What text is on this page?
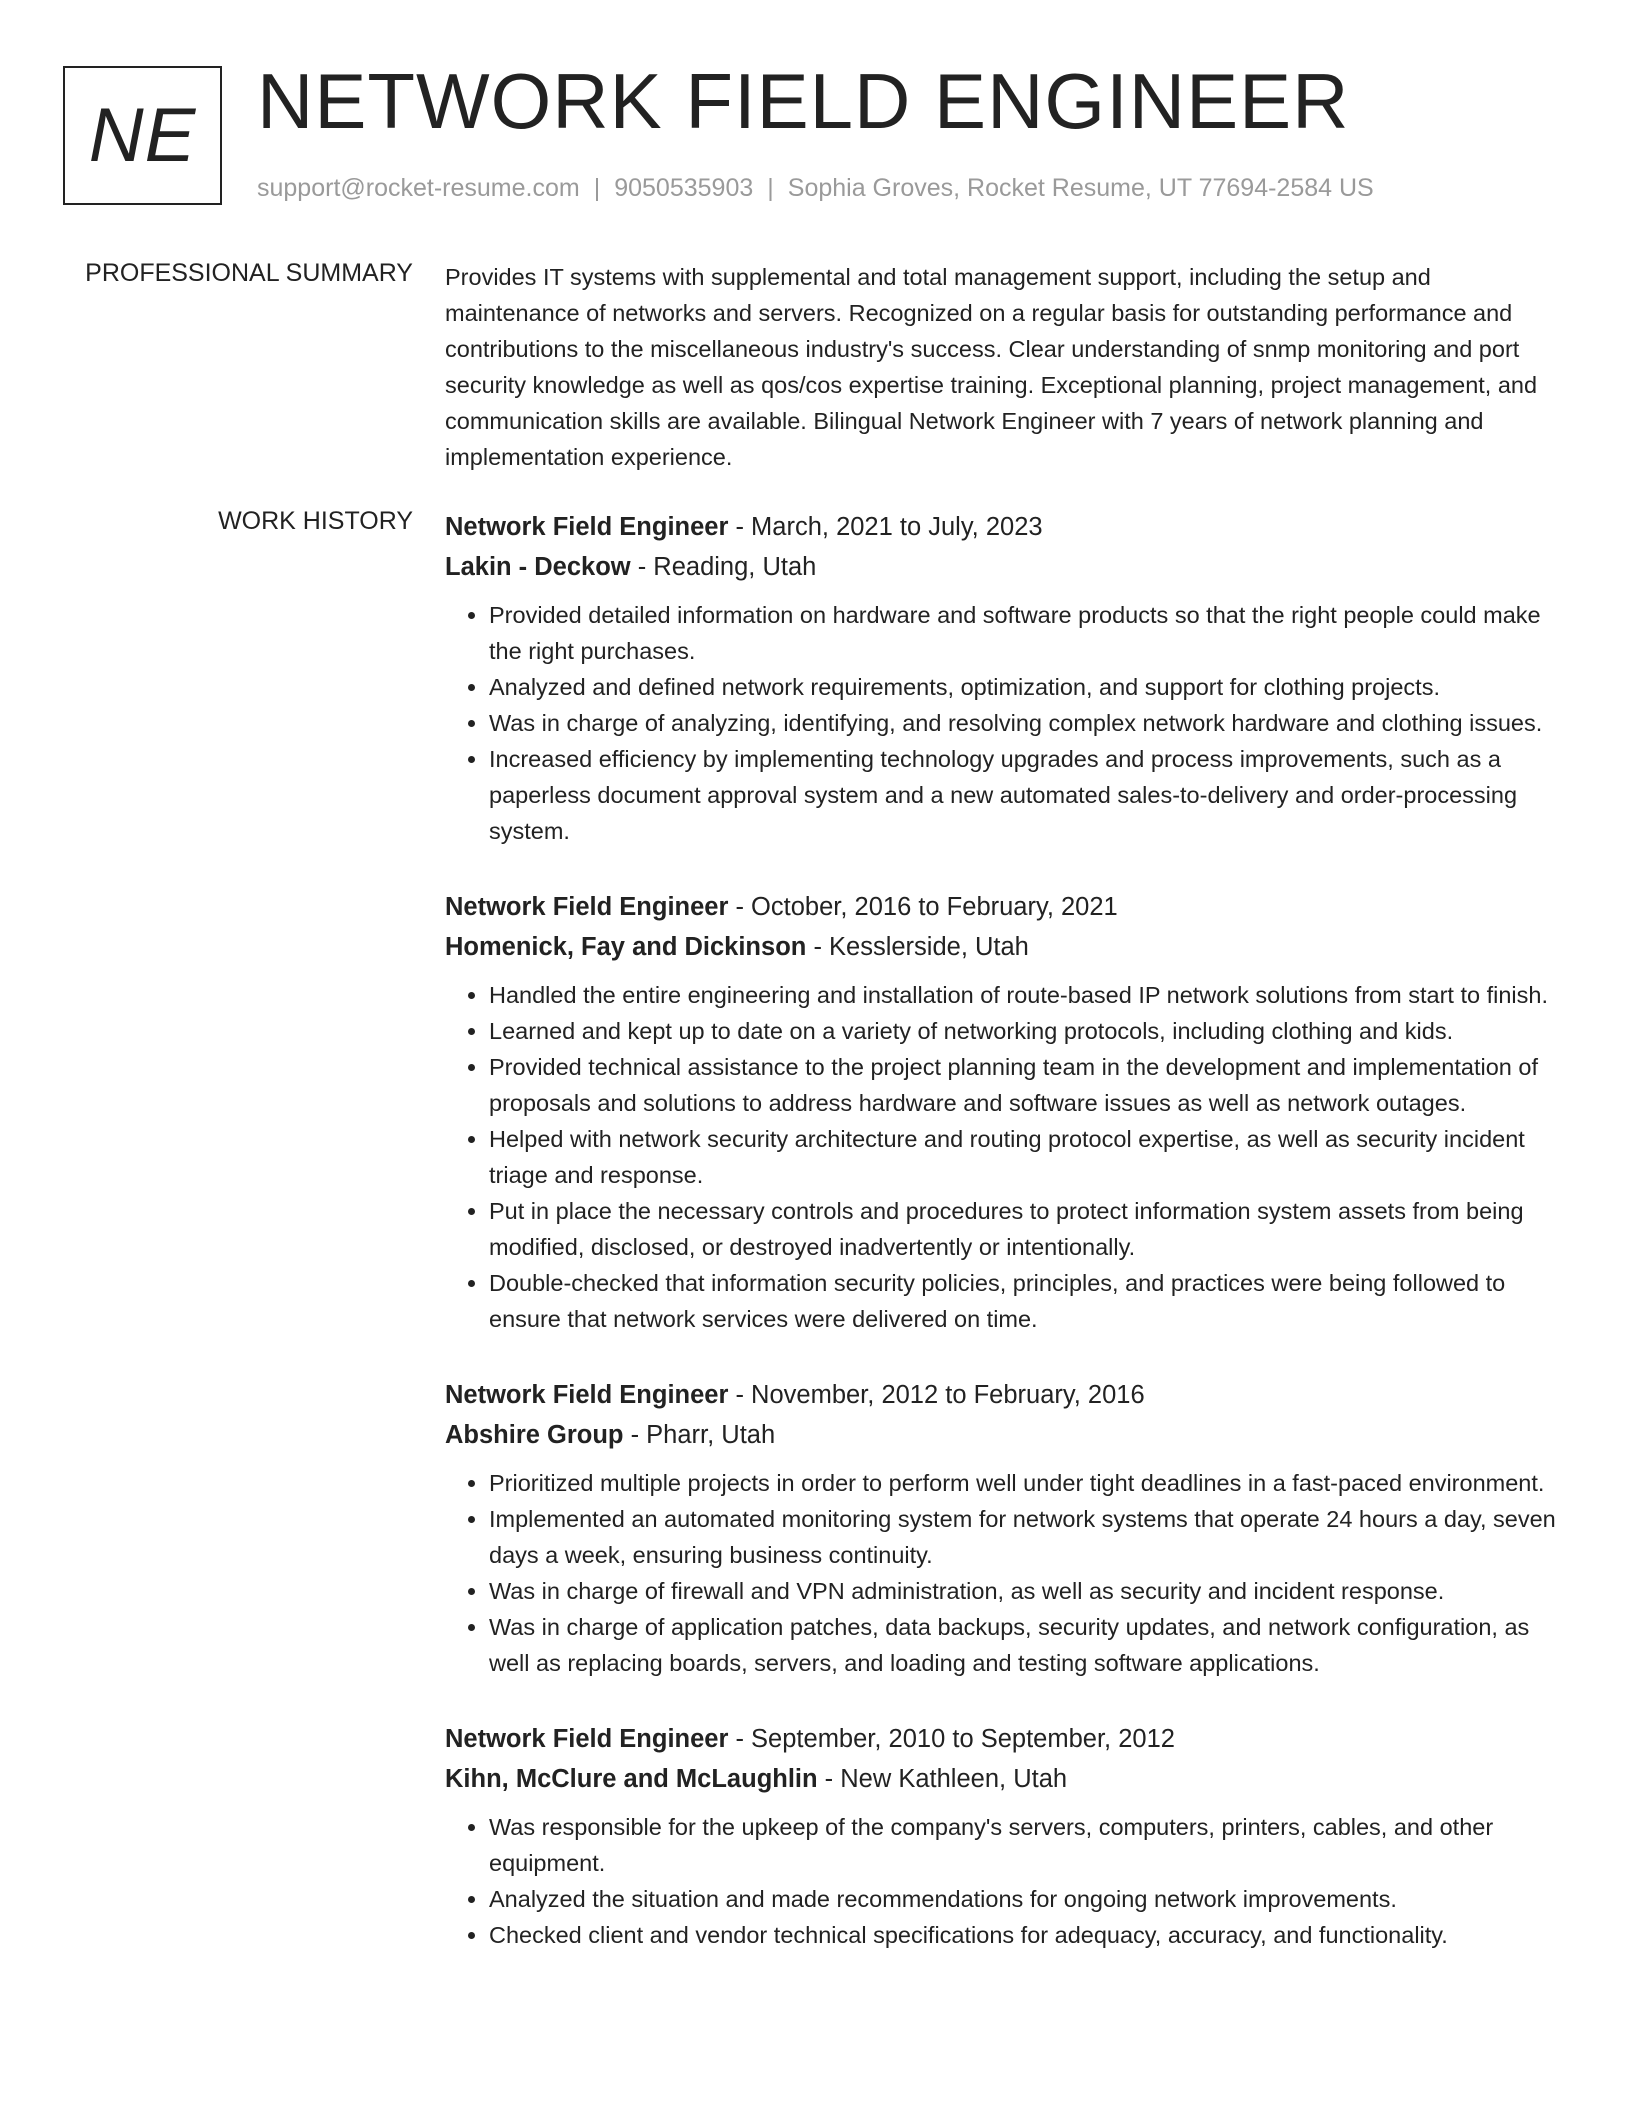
NE NETWORK FIELD ENGINEER
support@rocket-resume.com | 9050535903 | Sophia Groves, Rocket Resume, UT 77694-2584 US
PROFESSIONAL SUMMARY Provides IT systems with supplemental and total management support, including the setup and maintenance of networks and servers. Recognized on a regular basis for outstanding performance and contributions to the miscellaneous industry's success. Clear understanding of snmp monitoring and port security knowledge as well as qos/cos expertise training. Exceptional planning, project management, and communication skills are available. Bilingual Network Engineer with 7 years of network planning and implementation experience.

WORK HISTORY Network Field Engineer - March, 2021 to July, 2023
Lakin - Deckow - Reading, Utah
• Provided detailed information on hardware and software products so that the right people could make the right purchases.
• Analyzed and defined network requirements, optimization, and support for clothing projects.
• Was in charge of analyzing, identifying, and resolving complex network hardware and clothing issues.
• Increased efficiency by implementing technology upgrades and process improvements, such as a paperless document approval system and a new automated sales-to-delivery and order-processing system.
Network Field Engineer - October, 2016 to February, 2021
Homenick, Fay and Dickinson - Kesslerside, Utah
• Handled the entire engineering and installation of route-based IP network solutions from start to finish.
• Learned and kept up to date on a variety of networking protocols, including clothing and kids.
• Provided technical assistance to the project planning team in the development and implementation of proposals and solutions to address hardware and software issues as well as network outages.
• Helped with network security architecture and routing protocol expertise, as well as security incident triage and response.
• Put in place the necessary controls and procedures to protect information system assets from being modified, disclosed, or destroyed inadvertently or intentionally.
• Double-checked that information security policies, principles, and practices were being followed to ensure that network services were delivered on time.
Network Field Engineer - November, 2012 to February, 2016
Abshire Group - Pharr, Utah
• Prioritized multiple projects in order to perform well under tight deadlines in a fast-paced environment.
• Implemented an automated monitoring system for network systems that operate 24 hours a day, seven days a week, ensuring business continuity.
• Was in charge of firewall and VPN administration, as well as security and incident response.
• Was in charge of application patches, data backups, security updates, and network configuration, as well as replacing boards, servers, and loading and testing software applications.
Network Field Engineer - September, 2010 to September, 2012
Kihn, McClure and McLaughlin - New Kathleen, Utah
• Was responsible for the upkeep of the company's servers, computers, printers, cables, and other equipment.
• Analyzed the situation and made recommendations for ongoing network improvements.
• Checked client and vendor technical specifications for adequacy, accuracy, and functionality.
